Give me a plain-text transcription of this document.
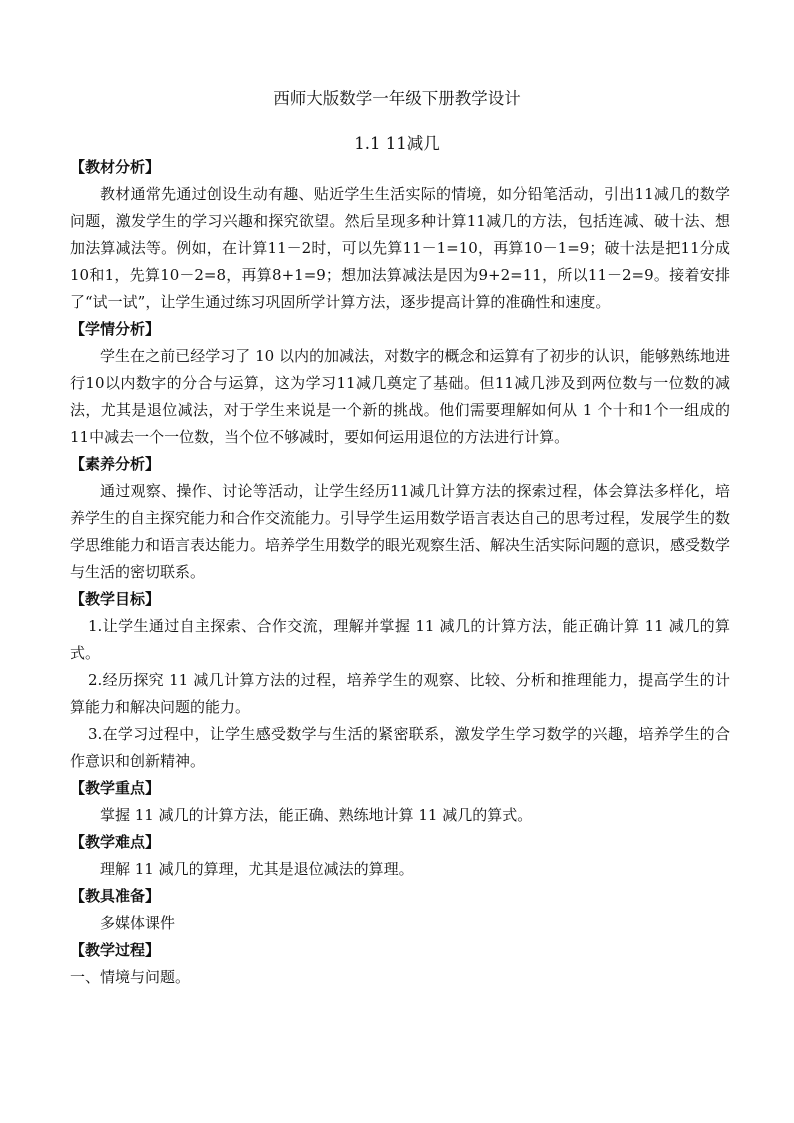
西师大版数学一年级下册教学设计
1.1 11减几

【教材分析】

教材通常先通过创设生动有趣、贴近学生生活实际的情境，如分铅笔活动，引出11减几的数学问题，激发学生的学习兴趣和探究欲望。然后呈现多种计算11减几的方法，包括连减、破十法、想加法算减法等。例如，在计算11－2时，可以先算11－1=10，再算10－1=9；破十法是把11分成10和1，先算10－2=8，再算8+1=9；想加法算减法是因为9+2=11，所以11－2=9。接着安排了“试一试”，让学生通过练习巩固所学计算方法，逐步提高计算的准确性和速度。

【学情分析】

学生在之前已经学习了 10 以内的加减法，对数字的概念和运算有了初步的认识，能够熟练地进行10以内数字的分合与运算，这为学习11减几奠定了基础。但11减几涉及到两位数与一位数的减法，尤其是退位减法，对于学生来说是一个新的挑战。他们需要理解如何从 1 个十和1个一组成的11中减去一个一位数，当个位不够减时，要如何运用退位的方法进行计算。

【素养分析】

通过观察、操作、讨论等活动，让学生经历11减几计算方法的探索过程，体会算法多样化，培养学生的自主探究能力和合作交流能力。引导学生运用数学语言表达自己的思考过程，发展学生的数学思维能力和语言表达能力。培养学生用数学的眼光观察生活、解决生活实际问题的意识，感受数学与生活的密切联系。

【教学目标】

1.让学生通过自主探索、合作交流，理解并掌握 11 减几的计算方法，能正确计算 11 减几的算式。

2.经历探究 11 减几计算方法的过程，培养学生的观察、比较、分析和推理能力，提高学生的计算能力和解决问题的能力。

3.在学习过程中，让学生感受数学与生活的紧密联系，激发学生学习数学的兴趣，培养学生的合作意识和创新精神。

【教学重点】

掌握 11 减几的计算方法，能正确、熟练地计算 11 减几的算式。

【教学难点】

理解 11 减几的算理，尤其是退位减法的算理。

【教具准备】

多媒体课件

【教学过程】

一、情境与问题。
